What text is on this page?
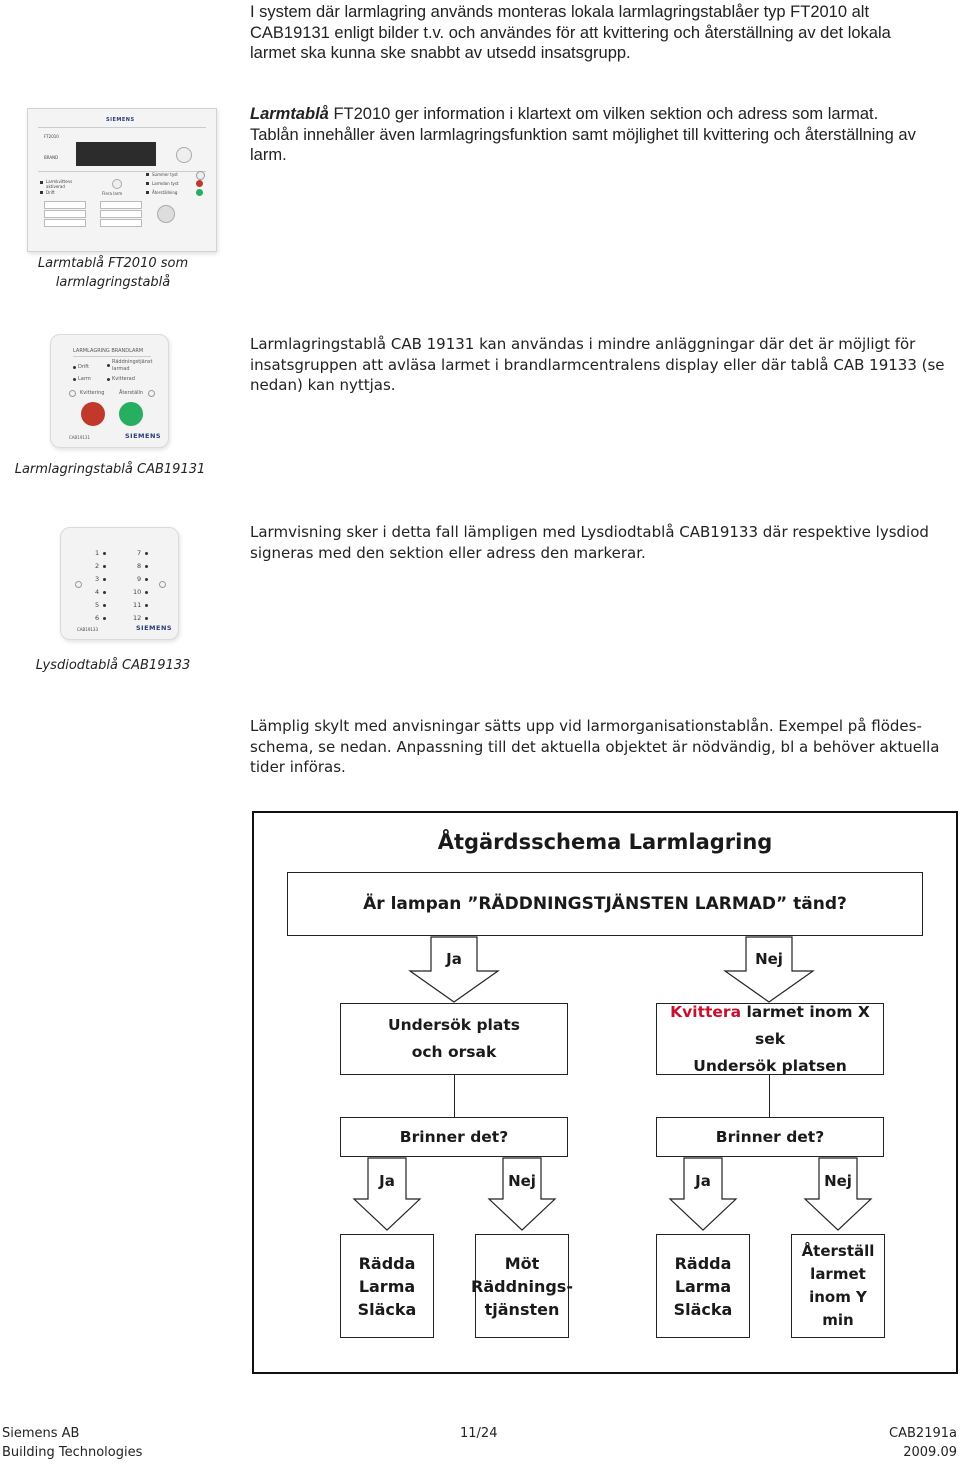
I system där larmlagring används monteras lokala larmlagringstablåer typ FT2010 alt
CAB19131 enligt bilder t.v. och användes för att kvittering och återställning av det lokala
larmet ska kunna ske snabbt av utsedd insatsgrupp.
SIEMENS
FT2010
BRAND
Larmkvittens aktiverad
Drift	Flera larm
Summer tyst
Larmdon tyst
Återställning
Larmtablå FT2010 ger information i klartext om vilken sektion och adress som larmat.
Tablån innehåller även larmlagringsfunktion samt möjlighet till kvittering och återställning av
larm.
Larmtablå FT2010 som
larmlagringstablå
LARMLAGRING BRANDLARM
Drift
Larm
Räddningstjänst
larmad
Kvitterad
Kvittering	Återställn
CAB19131	SIEMENS
Larmlagringstablå CAB 19131 kan användas i mindre anläggningar där det är möjligt för
insatsgruppen att avläsa larmet i brandlarmcentralens display eller där tablå CAB 19133 (se
nedan) kan nyttjas.
Larmlagringstablå CAB19131
1
2
3
4
5
6
7
8
9
10
11
12
CAB19133	SIEMENS
Larmvisning sker i detta fall lämpligen med Lysdiodtablå CAB19133 där respektive lysdiod
signeras med den sektion eller adress den markerar.
Lysdiodtablå CAB19133
Lämplig skylt med anvisningar sätts upp vid larmorganisationstablån. Exempel på flödes-
schema, se nedan. Anpassning till det aktuella objektet är nödvändig, bl a behöver aktuella
tider införas.
Åtgärdsschema Larmlagring
Är lampan ”RÄDDNINGSTJÄNSTEN LARMAD” tänd?
Ja	Nej
Undersök plats
och orsak
Kvittera larmet inom X sek
Undersök platsen
Brinner det?	Brinner det?
Ja	Nej	Ja	Nej
Rädda
Larma
Släcka
Möt
Räddnings-
tjänsten
Rädda
Larma
Släcka
Återställ
larmet
inom Y min
Siemens AB
Building Technologies
11/24	CAB2191a
2009.09
